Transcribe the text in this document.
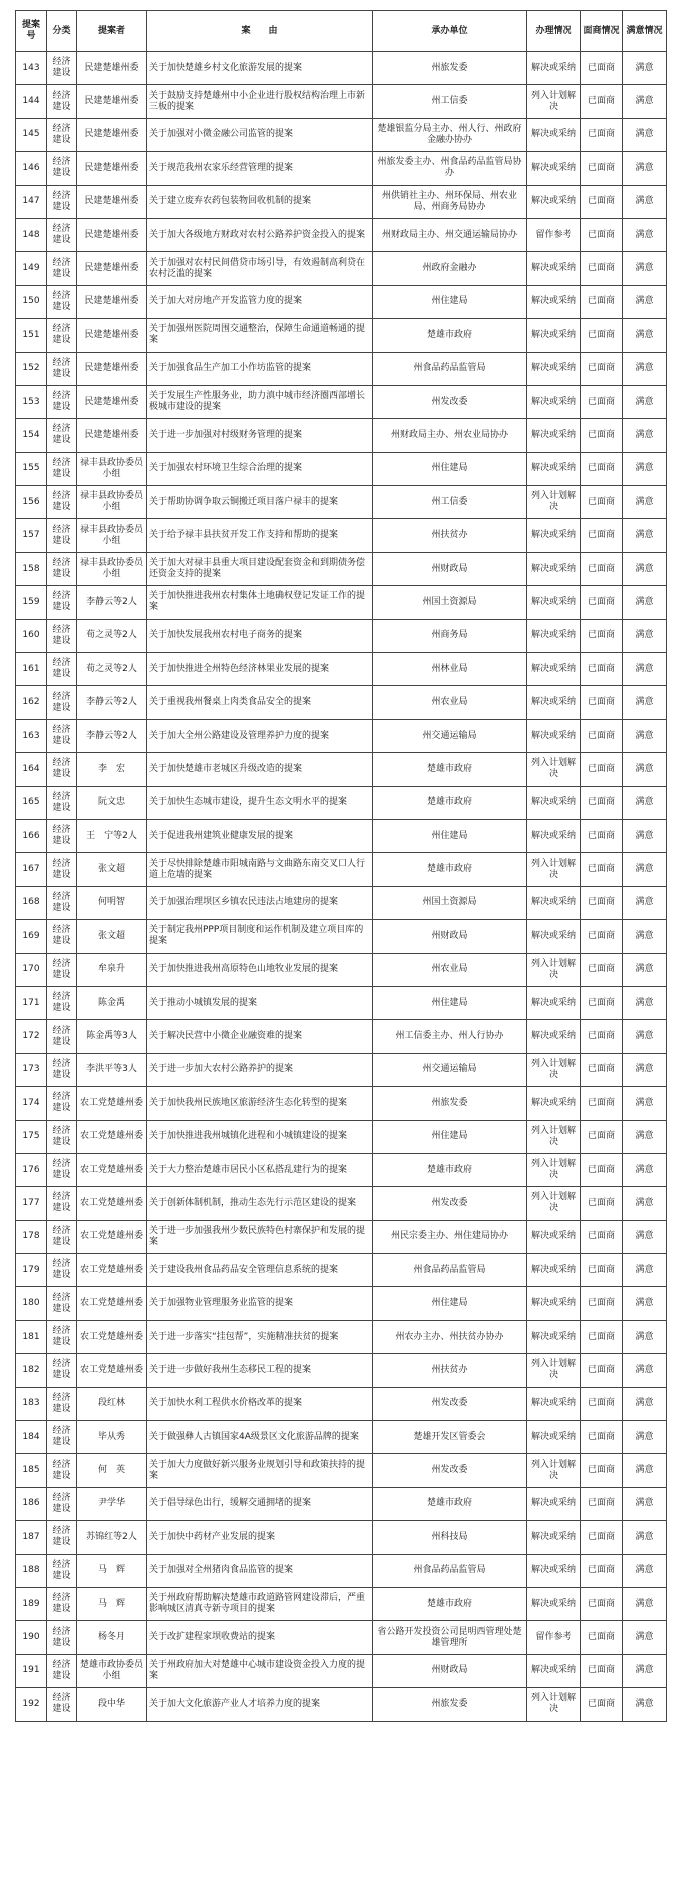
提案号	分类	提案者	案　　由	承办单位	办理情况	面商情况	满意情况
143	经济建设	民建楚雄州委	关于加快楚雄乡村文化旅游发展的提案	州旅发委	解决或采纳	已面商	满意
144	经济建设	民建楚雄州委	关于鼓励支持楚雄州中小企业进行股权结构治理上市新三板的提案	州工信委	列入计划解决	已面商	满意
145	经济建设	民建楚雄州委	关于加强对小微金融公司监管的提案	楚雄银监分局主办、州人行、州政府金融办协办	解决或采纳	已面商	满意
146	经济建设	民建楚雄州委	关于规范我州农家乐经营管理的提案	州旅发委主办、州食品药品监管局协办	解决或采纳	已面商	满意
147	经济建设	民建楚雄州委	关于建立废弃农药包装物回收机制的提案	州供销社主办、州环保局、州农业局、州商务局协办	解决或采纳	已面商	满意
148	经济建设	民建楚雄州委	关于加大各级地方财政对农村公路养护资金投入的提案	州财政局主办、州交通运输局协办	留作参考	已面商	满意
149	经济建设	民建楚雄州委	关于加强对农村民间借贷市场引导，有效遏制高利贷在农村泛滥的提案	州政府金融办	解决或采纳	已面商	满意
150	经济建设	民建楚雄州委	关于加大对房地产开发监管力度的提案	州住建局	解决或采纳	已面商	满意
151	经济建设	民建楚雄州委	关于加强州医院周围交通整治，保障生命通道畅通的提案	楚雄市政府	解决或采纳	已面商	满意
152	经济建设	民建楚雄州委	关于加强食品生产加工小作坊监管的提案	州食品药品监管局	解决或采纳	已面商	满意
153	经济建设	民建楚雄州委	关于发展生产性服务业，助力滇中城市经济圈西部增长极城市建设的提案	州发改委	解决或采纳	已面商	满意
154	经济建设	民建楚雄州委	关于进一步加强对村级财务管理的提案	州财政局主办、州农业局协办	解决或采纳	已面商	满意
155	经济建设	禄丰县政协委员小组	关于加强农村环境卫生综合治理的提案	州住建局	解决或采纳	已面商	满意
156	经济建设	禄丰县政协委员小组	关于帮助协调争取云铜搬迁项目落户禄丰的提案	州工信委	列入计划解决	已面商	满意
157	经济建设	禄丰县政协委员小组	关于给予禄丰县扶贫开发工作支持和帮助的提案	州扶贫办	解决或采纳	已面商	满意
158	经济建设	禄丰县政协委员小组	关于加大对禄丰县重大项目建设配套资金和到期债务偿还资金支持的提案	州财政局	解决或采纳	已面商	满意
159	经济建设	李静云等2人	关于加快推进我州农村集体土地确权登记发证工作的提案	州国土资源局	解决或采纳	已面商	满意
160	经济建设	荀之灵等2人	关于加快发展我州农村电子商务的提案	州商务局	解决或采纳	已面商	满意
161	经济建设	荀之灵等2人	关于加快推进全州特色经济林果业发展的提案	州林业局	解决或采纳	已面商	满意
162	经济建设	李静云等2人	关于重视我州餐桌上肉类食品安全的提案	州农业局	解决或采纳	已面商	满意
163	经济建设	李静云等2人	关于加大全州公路建设及管理养护力度的提案	州交通运输局	解决或采纳	已面商	满意
164	经济建设	李　宏	关于加快楚雄市老城区升级改造的提案	楚雄市政府	列入计划解决	已面商	满意
165	经济建设	阮文忠	关于加快生态城市建设，提升生态文明水平的提案	楚雄市政府	解决或采纳	已面商	满意
166	经济建设	王　宁等2人	关于促进我州建筑业健康发展的提案	州住建局	解决或采纳	已面商	满意
167	经济建设	张文超	关于尽快排除楚雄市阳城南路与文曲路东南交叉口人行道上危墙的提案	楚雄市政府	列入计划解决	已面商	满意
168	经济建设	何明智	关于加强治理坝区乡镇农民违法占地建房的提案	州国土资源局	解决或采纳	已面商	满意
169	经济建设	张文超	关于制定我州PPP项目制度和运作机制及建立项目库的提案	州财政局	解决或采纳	已面商	满意
170	经济建设	牟泉升	关于加快推进我州高原特色山地牧业发展的提案	州农业局	列入计划解决	已面商	满意
171	经济建设	陈金禹	关于推动小城镇发展的提案	州住建局	解决或采纳	已面商	满意
172	经济建设	陈金禹等3人	关于解决民营中小微企业融资难的提案	州工信委主办、州人行协办	解决或采纳	已面商	满意
173	经济建设	李洪平等3人	关于进一步加大农村公路养护的提案	州交通运输局	列入计划解决	已面商	满意
174	经济建设	农工党楚雄州委	关于加快我州民族地区旅游经济生态化转型的提案	州旅发委	解决或采纳	已面商	满意
175	经济建设	农工党楚雄州委	关于加快推进我州城镇化进程和小城镇建设的提案	州住建局	列入计划解决	已面商	满意
176	经济建设	农工党楚雄州委	关于大力整治楚雄市居民小区私搭乱建行为的提案	楚雄市政府	列入计划解决	已面商	满意
177	经济建设	农工党楚雄州委	关于创新体制机制，推动生态先行示范区建设的提案	州发改委	列入计划解决	已面商	满意
178	经济建设	农工党楚雄州委	关于进一步加强我州少数民族特色村寨保护和发展的提案	州民宗委主办、州住建局协办	解决或采纳	已面商	满意
179	经济建设	农工党楚雄州委	关于建设我州食品药品安全管理信息系统的提案	州食品药品监管局	解决或采纳	已面商	满意
180	经济建设	农工党楚雄州委	关于加强物业管理服务业监管的提案	州住建局	解决或采纳	已面商	满意
181	经济建设	农工党楚雄州委	关于进一步落实“挂包帮”，实施精准扶贫的提案	州农办主办、州扶贫办协办	解决或采纳	已面商	满意
182	经济建设	农工党楚雄州委	关于进一步做好我州生态移民工程的提案	州扶贫办	列入计划解决	已面商	满意
183	经济建设	段红林	关于加快水利工程供水价格改革的提案	州发改委	解决或采纳	已面商	满意
184	经济建设	毕从秀	关于做强彝人古镇国家4A级景区文化旅游品牌的提案	楚雄开发区管委会	解决或采纳	已面商	满意
185	经济建设	何　英	关于加大力度做好新兴服务业规划引导和政策扶持的提案	州发改委	列入计划解决	已面商	满意
186	经济建设	尹学华	关于倡导绿色出行，缓解交通拥堵的提案	楚雄市政府	解决或采纳	已面商	满意
187	经济建设	苏锦红等2人	关于加快中药材产业发展的提案	州科技局	解决或采纳	已面商	满意
188	经济建设	马　辉	关于加强对全州猪肉食品监管的提案	州食品药品监管局	解决或采纳	已面商	满意
189	经济建设	马　辉	关于州政府帮助解决楚雄市政道路管网建设滞后，严重影响城区清真寺新寺项目的提案	楚雄市政府	解决或采纳	已面商	满意
190	经济建设	杨冬月	关于改扩建程家坝收费站的提案	省公路开发投资公司昆明西管理处楚雄管理所	留作参考	已面商	满意
191	经济建设	楚雄市政协委员小组	关于州政府加大对楚雄中心城市建设资金投入力度的提案	州财政局	解决或采纳	已面商	满意
192	经济建设	段中华	关于加大文化旅游产业人才培养力度的提案	州旅发委	列入计划解决	已面商	满意
